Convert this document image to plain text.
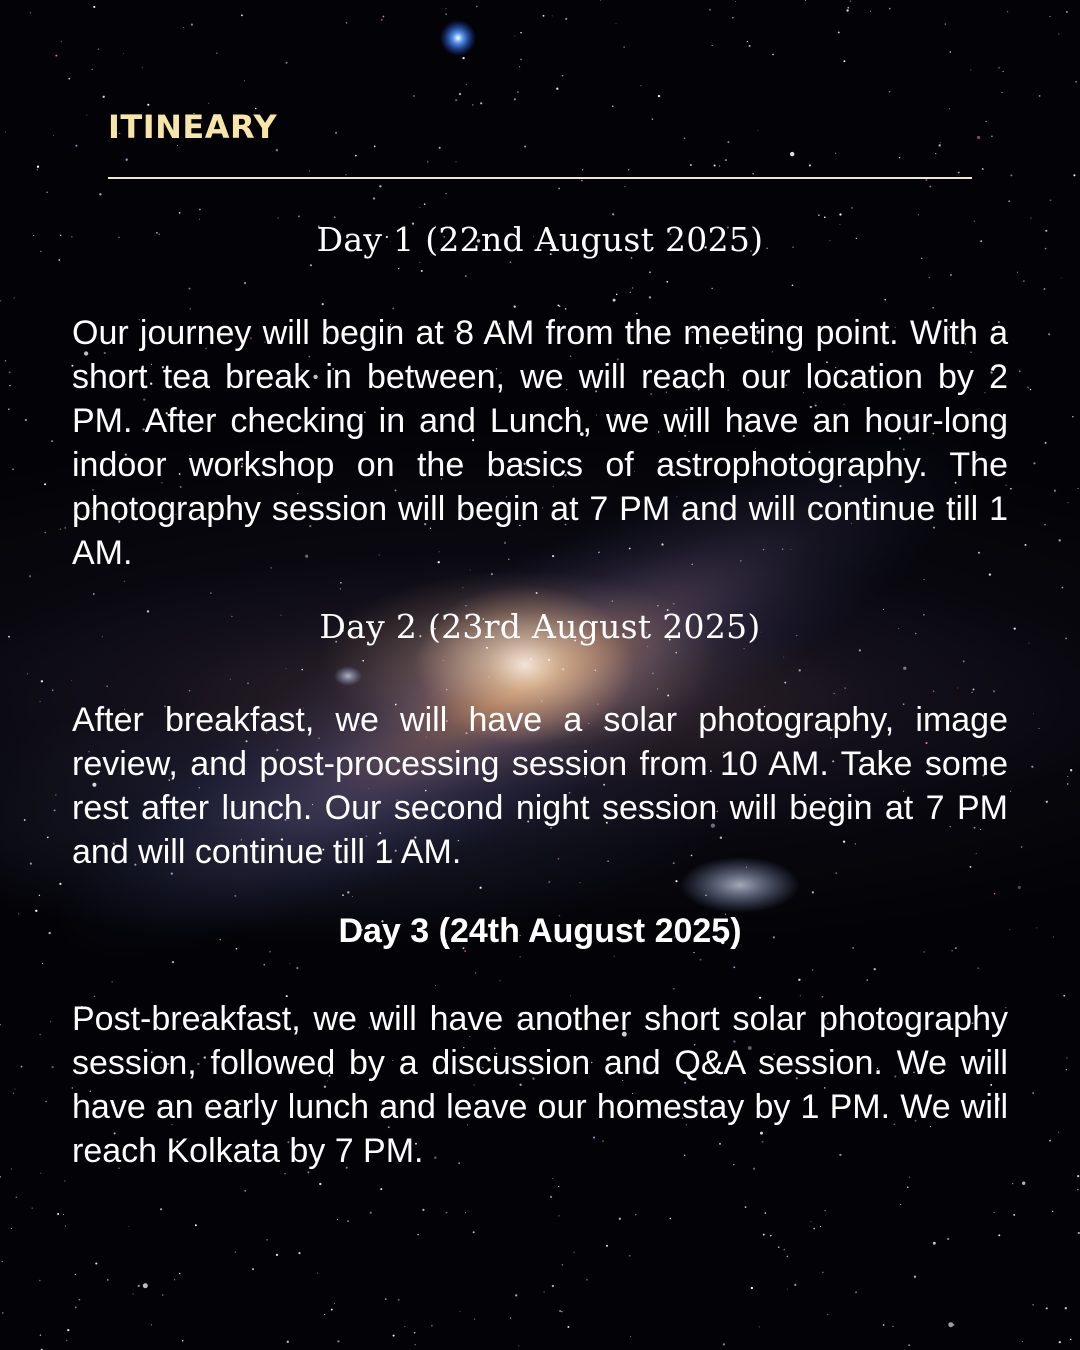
ITINEARY
Day 1 (22nd August 2025)

Our journey will begin at 8 AM from the meeting point. With a short tea break in between, we will reach our location by 2 PM. After checking in and Lunch, we will have an hour-long indoor workshop on the basics of astrophotography. The photography session will begin at 7 PM and will continue till 1 AM.

Day 2 (23rd August 2025)

After breakfast, we will have a solar photography, image review, and post-processing session from 10 AM. Take some rest after lunch. Our second night session will begin at 7 PM and will continue till 1 AM.

Day 3 (24th August 2025)

Post-breakfast, we will have another short solar photography session, followed by a discussion and Q&A session. We will have an early lunch and leave our homestay by 1 PM. We will reach Kolkata by 7 PM.
